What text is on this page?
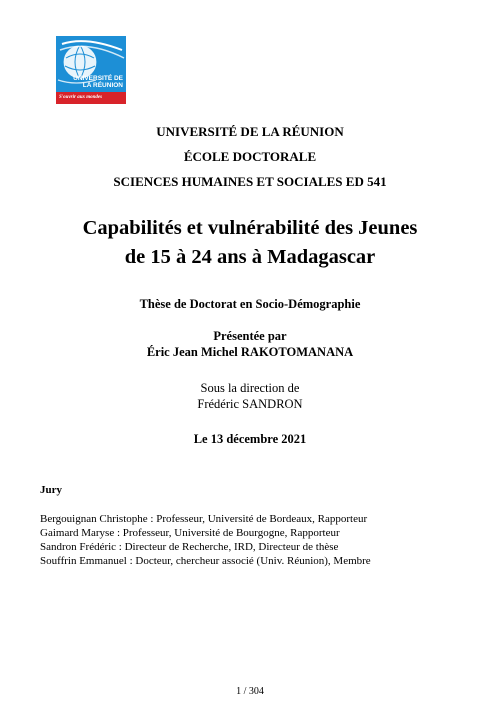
UNIVERSITÉ DE
LA RÉUNION
S'ouvrir aux mondes
UNIVERSITÉ DE LA RÉUNION
ÉCOLE DOCTORALE
SCIENCES HUMAINES ET SOCIALES ED 541
Capabilités et vulnérabilité des Jeunes
de 15 à 24 ans à Madagascar
Thèse de Doctorat en Socio-Démographie
Présentée par
Éric Jean Michel RAKOTOMANANA
Sous la direction de
Frédéric SANDRON
Le 13 décembre 2021
Jury
Bergouignan Christophe : Professeur, Université de Bordeaux, Rapporteur
Gaimard Maryse : Professeur, Université de Bourgogne, Rapporteur
Sandron Frédéric : Directeur de Recherche, IRD, Directeur de thèse
Souffrin Emmanuel : Docteur, chercheur associé (Univ. Réunion), Membre
1 / 304
